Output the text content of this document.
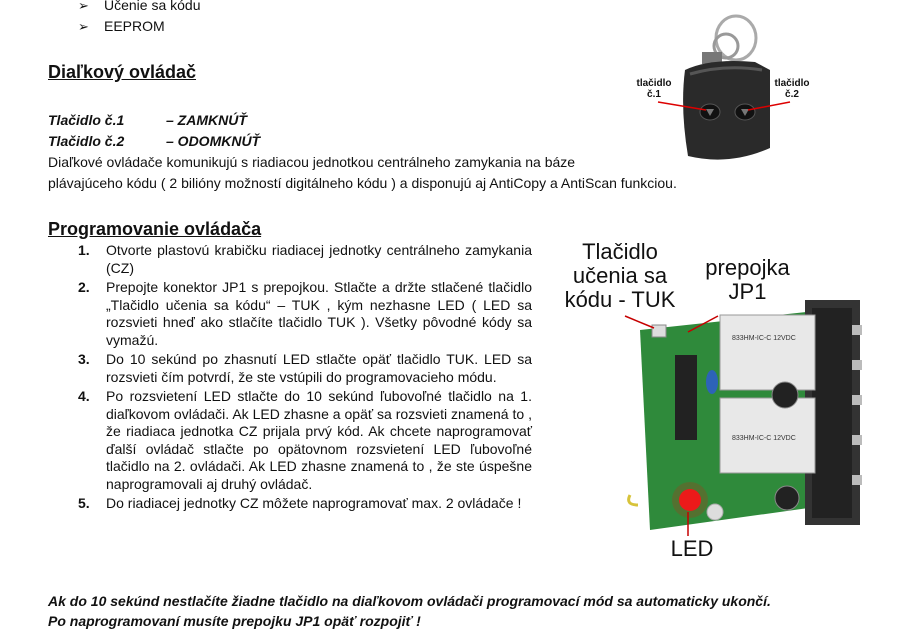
➢ Učenie sa kódu
➢ EEPROM
Diaľkový ovládač
Tlačidlo č.1	– ZAMKNÚŤ
Tlačidlo č.2	– ODOMKNÚŤ
Diaľkové ovládače komunikujú s riadiacou jednotkou centrálneho zamykania na báze
plávajúceho kódu ( 2 bilióny možností digitálneho kódu ) a disponujú aj AntiCopy a AntiScan funkciou.
tlačidlo č.1
tlačidlo č.2
Programovanie ovládača
1. Otvorte plastovú krabičku riadiacej jednotky centrálneho zamykania (CZ)
2. Prepojte konektor JP1 s prepojkou. Stlačte a držte stlačené tlačidlo „Tlačidlo učenia sa kódu“ – TUK , kým nezhasne LED ( LED sa rozsvieti hneď ako stlačíte tlačidlo TUK ). Všetky pôvodné kódy sa vymažú.
3. Do 10 sekúnd po zhasnutí LED stlačte opäť tlačidlo TUK. LED sa rozsvieti čím potvrdí, že ste vstúpili do programovacieho módu.
4. Po rozsvietení LED stlačte do 10 sekúnd ľubovoľné tlačidlo na 1. diaľkovom ovládači. Ak LED zhasne a opäť sa rozsvieti znamená to , že riadiaca jednotka CZ prijala prvý kód. Ak chcete naprogramovať ďalší ovládač stlačte po opätovnom rozsvietení LED ľubovoľné tlačidlo na 2. ovládači. Ak LED zhasne znamená to , že ste úspešne naprogramovali aj druhý ovládač.
5. Do riadiacej jednotky CZ môžete naprogramovať max. 2 ovládače !
833HM-IC-C 12VDC
833HM-IC-C 12VDC
Tlačidlo učenia sa kódu - TUK
prepojka JP1
LED
Ak do 10 sekúnd nestlačíte žiadne tlačidlo na diaľkovom ovládači programovací mód sa automaticky ukončí.
Po naprogramovaní musíte prepojku JP1 opäť rozpojiť !
